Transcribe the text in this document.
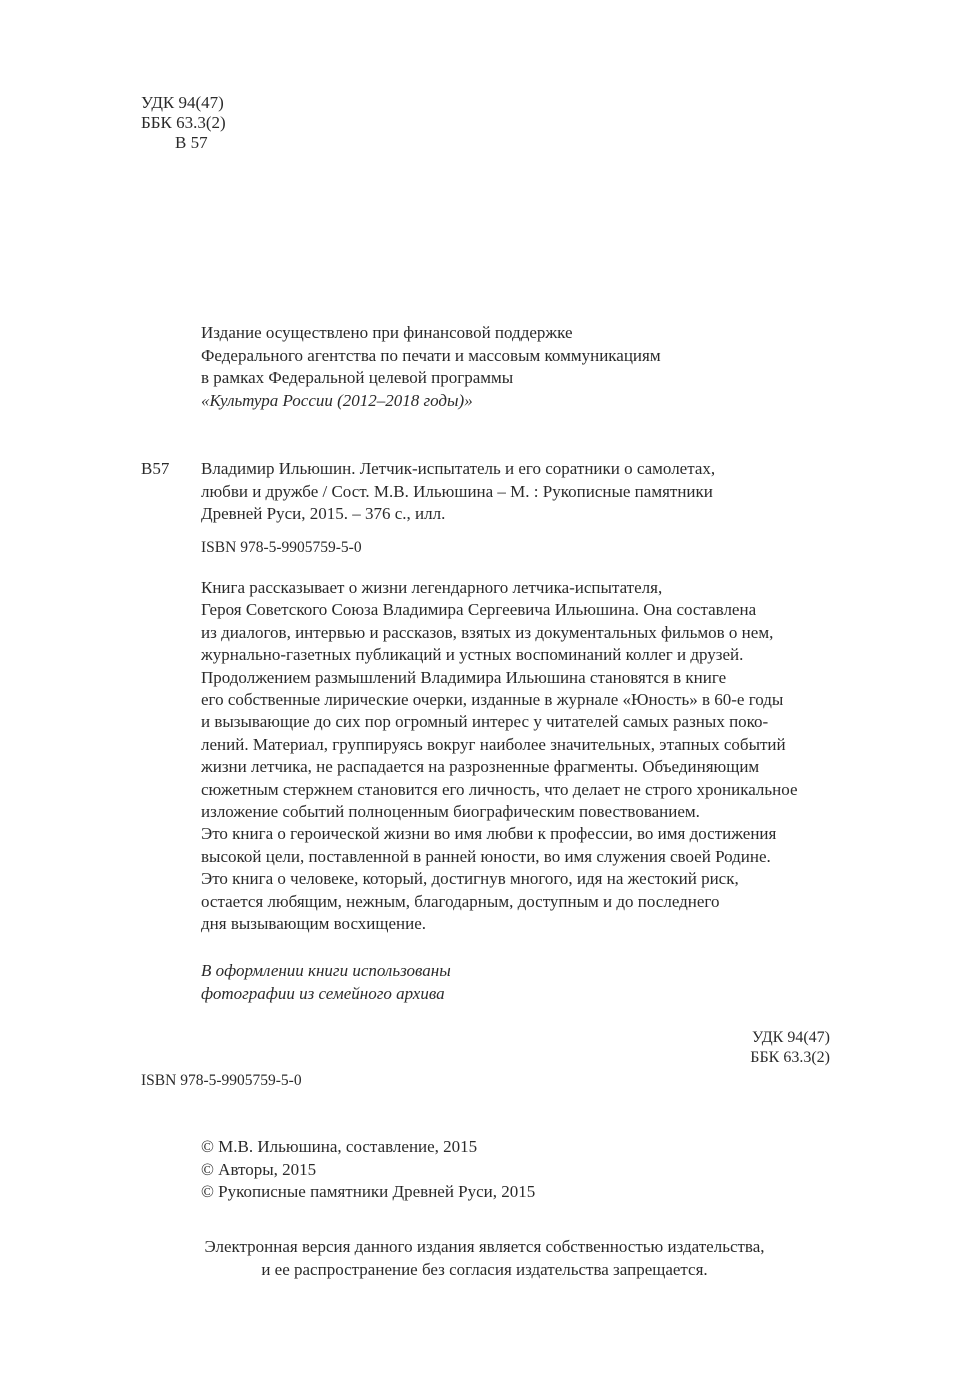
УДК 94(47)
ББК 63.3(2)
В 57
Издание осуществлено при финансовой поддержке
Федерального агентства по печати и массовым коммуникациям
в рамках Федеральной целевой программы
«Культура России (2012–2018 годы)»
В57 Владимир Ильюшин. Летчик-испытатель и его соратники о самолетах,
любви и дружбе / Сост. М.В. Ильюшина – М. : Рукописные памятники
Древней Руси, 2015. – 376 с., илл.
ISBN 978-5-9905759-5-0
Книга рассказывает о жизни легендарного летчика-испытателя,
Героя Советского Союза Владимира Сергеевича Ильюшина. Она составлена
из диалогов, интервью и рассказов, взятых из документальных фильмов о нем,
журнально-газетных публикаций и устных воспоминаний коллег и друзей.
Продолжением размышлений Владимира Ильюшина становятся в книге
его собственные лирические очерки, изданные в журнале «Юность» в 60-е годы
и вызывающие до сих пор огромный интерес у читателей самых разных поко-
лений. Материал, группируясь вокруг наиболее значительных, этапных событий
жизни летчика, не распадается на разрозненные фрагменты. Объединяющим
сюжетным стержнем становится его личность, что делает не строго хроникальное
изложение событий полноценным биографическим повествованием.
Это книга о героической жизни во имя любви к профессии, во имя достижения
высокой цели, поставленной в ранней юности, во имя служения своей Родине.
Это книга о человеке, который, достигнув многого, идя на жестокий риск,
остается любящим, нежным, благодарным, доступным и до последнего
дня вызывающим восхищение.
В оформлении книги использованы
фотографии из семейного архива
УДК 94(47)
ББК 63.3(2)
ISBN 978-5-9905759-5-0
© М.В. Ильюшина, составление, 2015
© Авторы, 2015
© Рукописные памятники Древней Руси, 2015
Электронная версия данного издания является собственностью издательства,
и ее распространение без согласия издательства запрещается.
